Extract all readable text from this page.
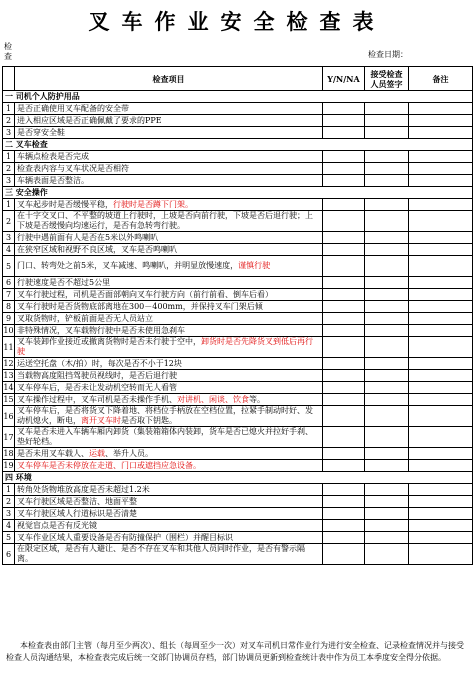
叉车作业安全检查表
检查	检查日期：
	检查项目	Y/N/NA	接受检查人员签字	备注
一 司机个人防护用品				
1	是否正确使用叉车配备的安全带			
2	进入相应区域是否正确佩戴了要求的PPE			
3	是否穿安全鞋			
二 叉车检查				
1	车辆点检表是否完成			
2	检查表内容与叉车状况是否相符			
3	车辆表面是否整洁。			
三 安全操作				
1	叉车起步时是否缓慢平稳，行驶时是否蹲下门架。			
2	在十字交叉口、不平整的坡道上行驶时，上坡是否向前行驶，下坡是否后退行驶；上下坡是否缓慢向均速运行，是否有急转弯行驶。			
3	行驶中遇前面有人是否在5米以外鸣喇叭			
4	在狭窄区域和视野不良区域，叉车是否鸣喇叭			
5	门口、转弯处之前5米，叉车减速、鸣喇叭，并明显放慢速度，谨慎行驶			
6	行驶速度是否不超过5公里			
7	叉车行驶过程，司机是否面部朝向叉车行驶方向（前行前看、倒车后看）			
8	叉车行驶时是否货物底部离地在300－400mm，并保持叉车门架后倾			
9	叉取货物时，铲板前面是否无人员站立			
10	非特殊情况，叉车载物行驶中是否未使用急刹车			
11	叉车装卸作业接近或撤离货物时是否未行驶于空中，卸货时是否先降货叉到低后再行驶			
12	运送空托盘（木/拍）时，每次是否不小于12块			
13	当载物高度阻挡驾驶员视线时，是否后退行驶			
14	叉车停车后，是否未让发动机空转而无人看管			
15	叉车操作过程中，叉车司机是否未操作手机、对讲机、闲谈、饮食等。			
16	叉车停车后，是否将货叉下降着地、将档位手柄放在空档位置，拉紧手制动时好、发动机熄火，断电，离开叉车时是否取下钥匙。			
17	叉车是否未进入车辆车厢内卸货（集装箱箱体内装卸，货车是否已熄火并拉好手刹、垫好轮档。			
18	是否未用叉车载人、运载、举升人员。			
19	叉车停车是否未停放在走道、门口或遮挡应急设备。			
四 环境				
1	转角处货物堆放高度是否未超过1.2米			
2	叉车行驶区域是否整洁、地面平整			
3	叉车行驶区域人行道标识是否清楚			
4	视觉盲点是否有反光镜			
5	叉车作业区域人重要设备是否有防撞保护（围栏）并醒目标识			
6	在限定区域，是否有人避让、是否不存在叉车和其他人员同时作业，是否有警示隔离。			
本检查表由部门主管（每月至少两次）、组长（每周至少一次）对叉车司机日常作业行为进行安全检查、记录检查情况并与接受检查人员沟通结果，本检查表完成后统一交部门协调员存档，部门协调员更新到检查统计表中作为员工本季度安全得分依据。
